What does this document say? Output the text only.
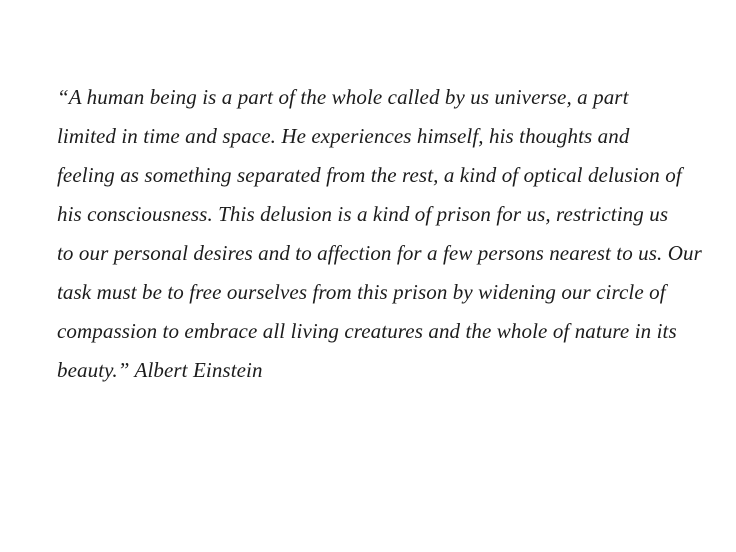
“A human being is a part of the whole called by us universe, a part
limited in time and space. He experiences himself, his thoughts and
feeling as something separated from the rest, a kind of optical delusion of
his consciousness. This delusion is a kind of prison for us, restricting us
to our personal desires and to affection for a few persons nearest to us. Our
task must be to free ourselves from this prison by widening our circle of
compassion to embrace all living creatures and the whole of nature in its
beauty.” Albert Einstein
